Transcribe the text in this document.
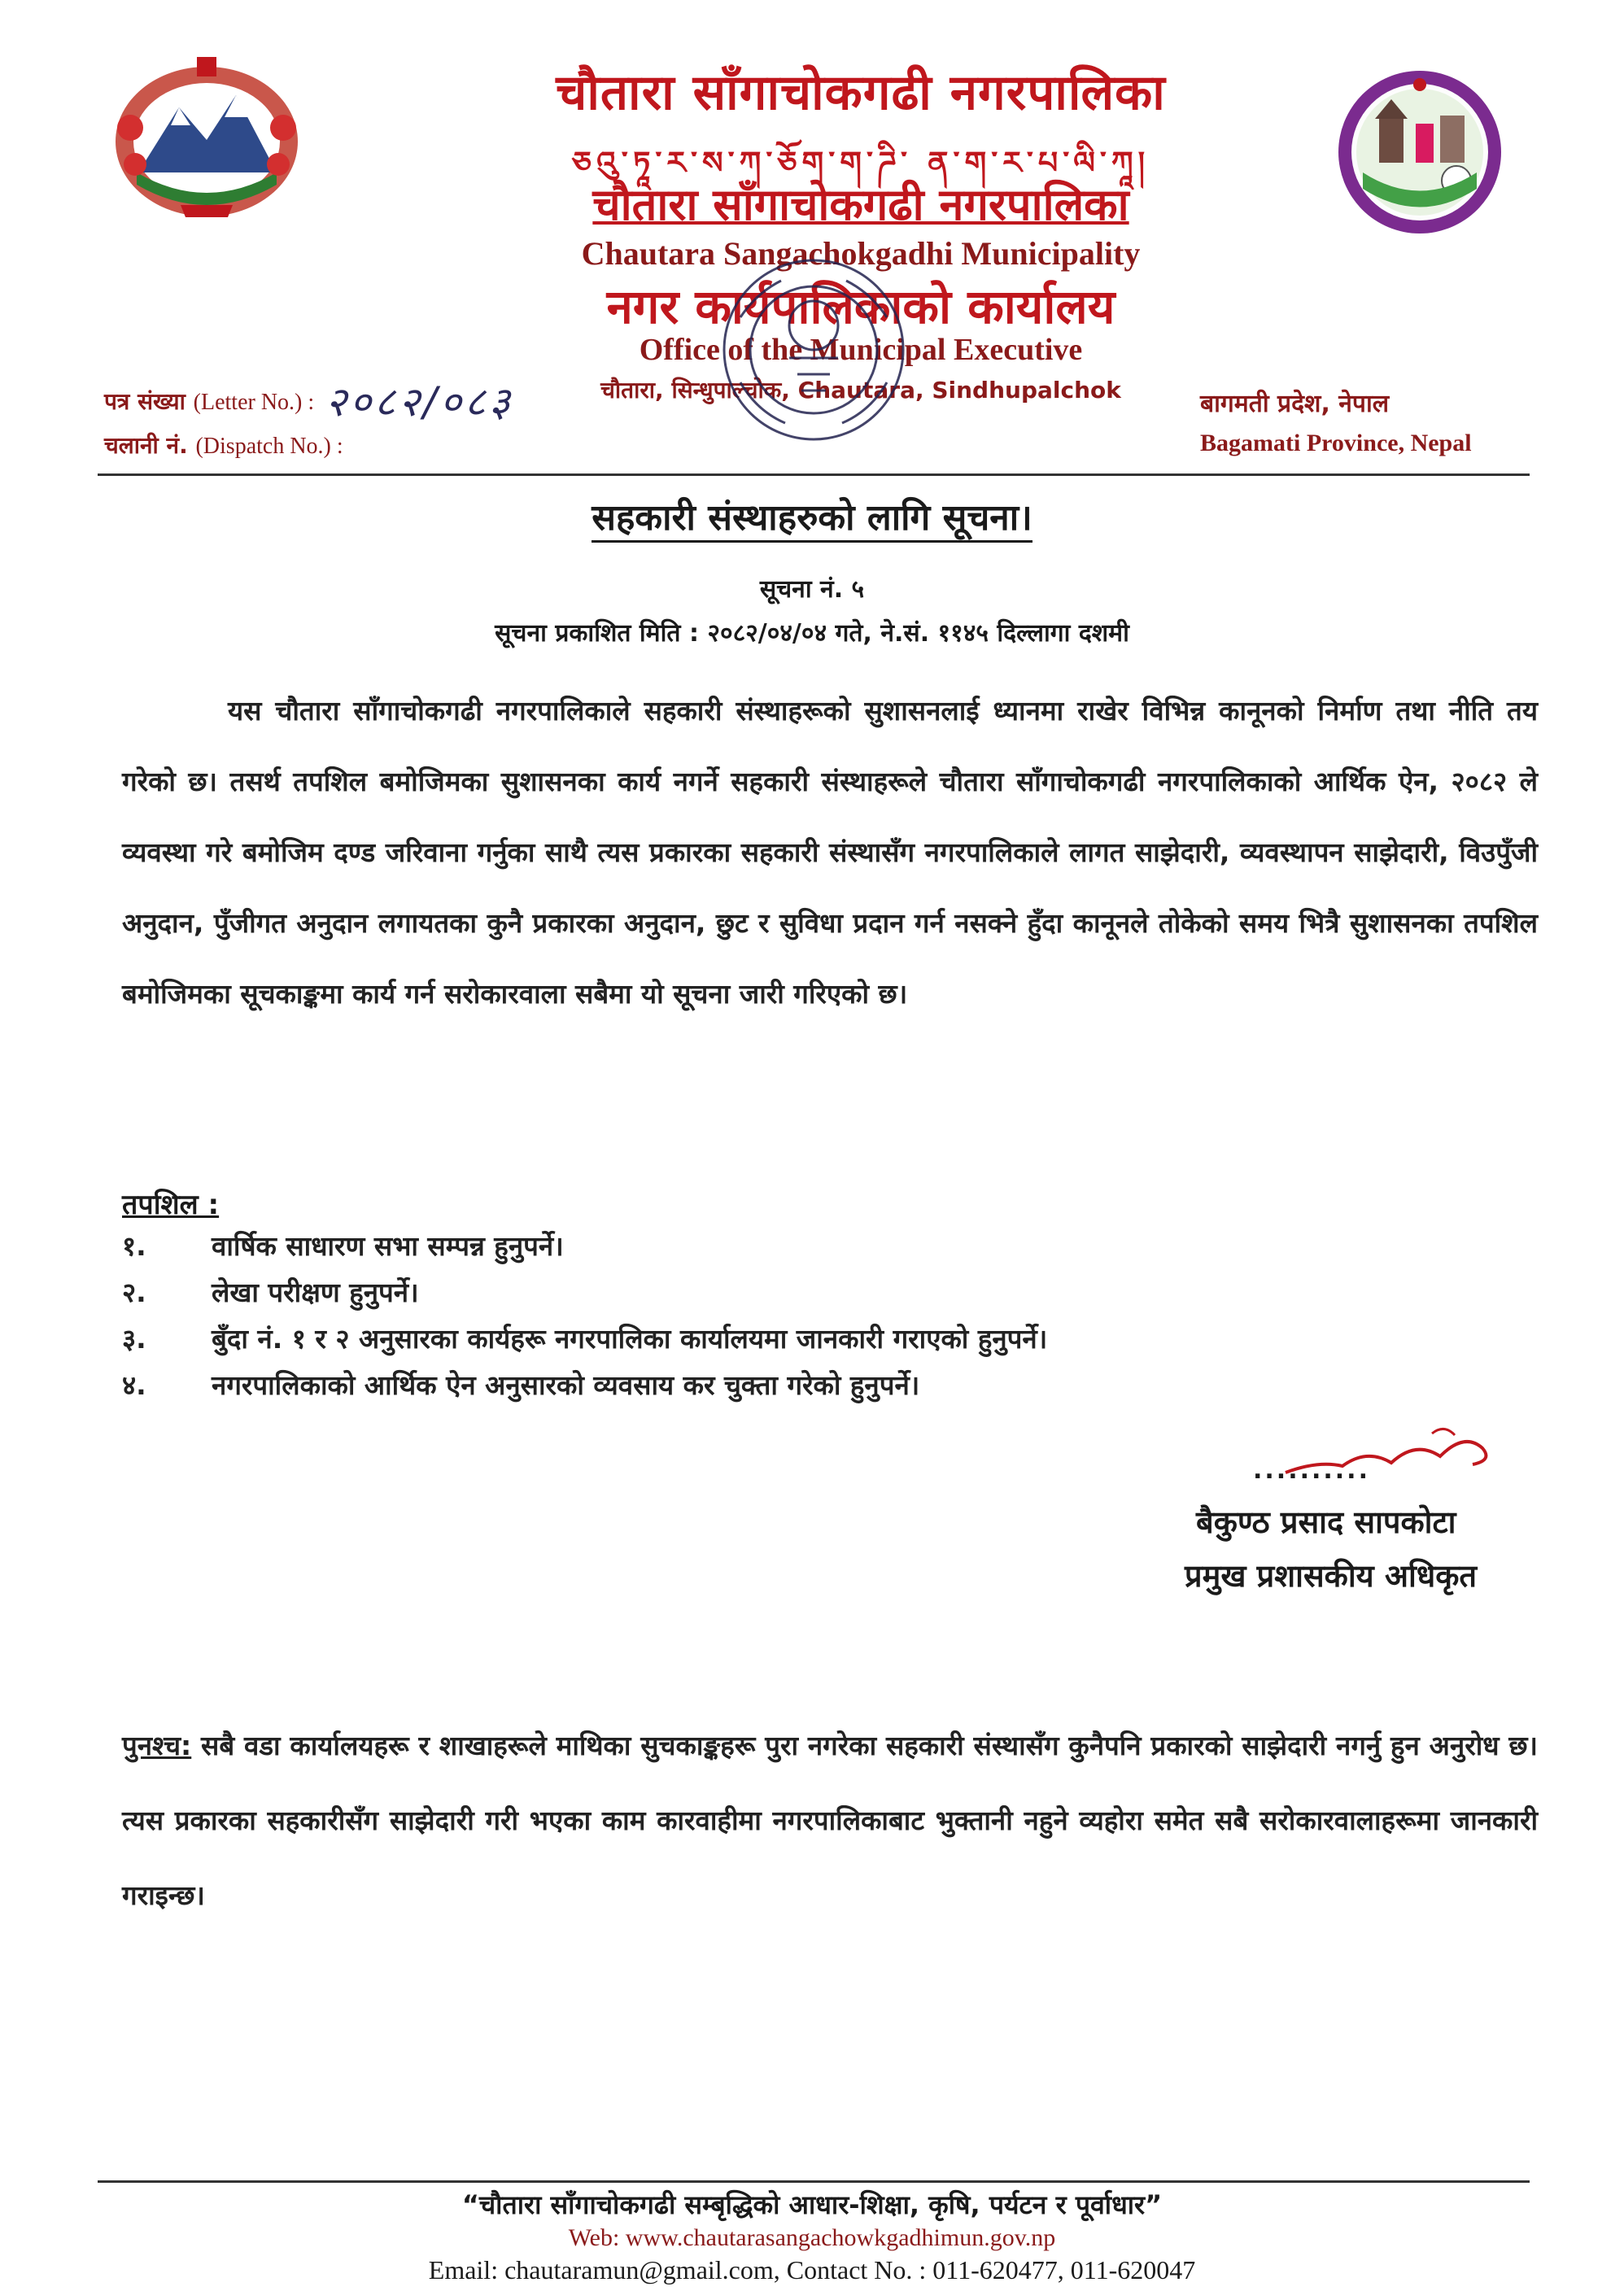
चौतारा साँगाचोकगढी नगरपालिका
ཅའུ་ཏཱ་ར་ས་ཀ་ཅོག་ག་ཌི་ ན་ག་ར་པ་ལི་ཀཱ།
चौतारा साँगाचोकगढी नगरपालिका
Chautara Sangachokgadhi Municipality
नगर कार्यपालिकाको कार्यालय
Office of the Municipal Executive
चौतारा, सिन्धुपाल्चोक, Chautara, Sindhupalchok
पत्र संख्या (Letter No.) : २०८२/०८३
चलानी नं. (Dispatch No.) :
बागमती प्रदेश, नेपाल
Bagamati Province, Nepal
सहकारी संस्थाहरुको लागि सूचना।
सूचना नं. ५
सूचना प्रकाशित मिति : २०८२/०४/०४ गते, ने.सं. ११४५ दिल्लागा दशमी
यस चौतारा साँगाचोकगढी नगरपालिकाले सहकारी संस्थाहरूको सुशासनलाई ध्यानमा राखेर विभिन्न कानूनको निर्माण तथा नीति तय गरेको छ। तसर्थ तपशिल बमोजिमका सुशासनका कार्य नगर्ने सहकारी संस्थाहरूले चौतारा साँगाचोकगढी नगरपालिकाको आर्थिक ऐन, २०८२ ले व्यवस्था गरे बमोजिम दण्ड जरिवाना गर्नुका साथै त्यस प्रकारका सहकारी संस्थासँग नगरपालिकाले लागत साझेदारी, व्यवस्थापन साझेदारी, विउपुँजी अनुदान, पुँजीगत अनुदान लगायतका कुनै प्रकारका अनुदान, छुट र सुविधा प्रदान गर्न नसक्ने हुँदा कानूनले तोकेको समय भित्रै सुशासनका तपशिल बमोजिमका सूचकाङ्कमा कार्य गर्न सरोकारवाला सबैमा यो सूचना जारी गरिएको छ।
तपशिल :
१.	वार्षिक साधारण सभा सम्पन्न हुनुपर्ने।
२.	लेखा परीक्षण हुनुपर्ने।
३.	बुँदा नं. १ र २ अनुसारका कार्यहरू नगरपालिका कार्यालयमा जानकारी गराएको हुनुपर्ने।
४.	नगरपालिकाको आर्थिक ऐन अनुसारको व्यवसाय कर चुक्ता गरेको हुनुपर्ने।
..........
बैकुण्ठ प्रसाद सापकोटा
प्रमुख प्रशासकीय अधिकृत
पुनश्च: सबै वडा कार्यालयहरू र शाखाहरूले माथिका सुचकाङ्कहरू पुरा नगरेका सहकारी संस्थासँग कुनैपनि प्रकारको साझेदारी नगर्नु हुन अनुरोध छ। त्यस प्रकारका सहकारीसँग साझेदारी गरी भएका काम कारवाहीमा नगरपालिकाबाट भुक्तानी नहुने व्यहोरा समेत सबै सरोकारवालाहरूमा जानकारी गराइन्छ।
“चौतारा साँगाचोकगढी सम्बृद्धिको आधार-शिक्षा, कृषि, पर्यटन र पूर्वाधार”
Web: www.chautarasangachowkgadhimun.gov.np
Email: chautaramun@gmail.com, Contact No. : 011-620477, 011-620047
